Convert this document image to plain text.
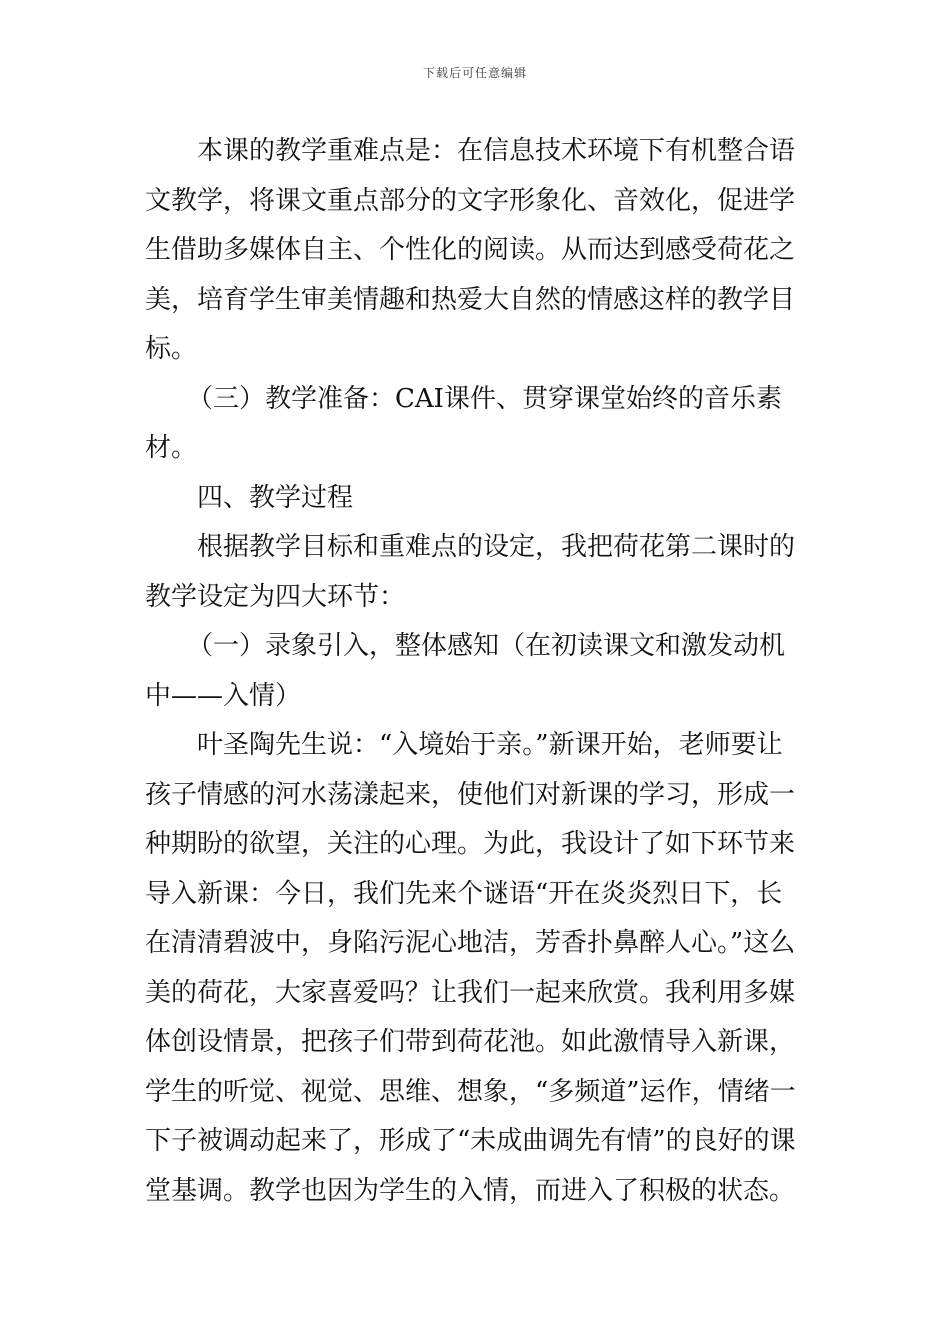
下载后可任意编辑

本课的教学重难点是：在信息技术环境下有机整合语文教学，将课文重点部分的文字形象化、音效化，促进学生借助多媒体自主、个性化的阅读。从而达到感受荷花之美，培育学生审美情趣和热爱大自然的情感这样的教学目标。

（三）教学准备：CAI课件、贯穿课堂始终的音乐素材。

四、教学过程

根据教学目标和重难点的设定，我把荷花第二课时的教学设定为四大环节：

（一）录象引入，整体感知（在初读课文和激发动机中——入情）

叶圣陶先生说：“入境始于亲。”新课开始，老师要让孩子情感的河水荡漾起来，使他们对新课的学习，形成一种期盼的欲望，关注的心理。为此，我设计了如下环节来导入新课：今日，我们先来个谜语“开在炎炎烈日下，长在清清碧波中，身陷污泥心地洁，芳香扑鼻醉人心。”这么美的荷花，大家喜爱吗？让我们一起来欣赏。我利用多媒体创设情景，把孩子们带到荷花池。如此激情导入新课，学生的听觉、视觉、思维、想象，“多频道”运作，情绪一下子被调动起来了，形成了“未成曲调先有情”的良好的课堂基调。教学也因为学生的入情，而进入了积极的状态。
